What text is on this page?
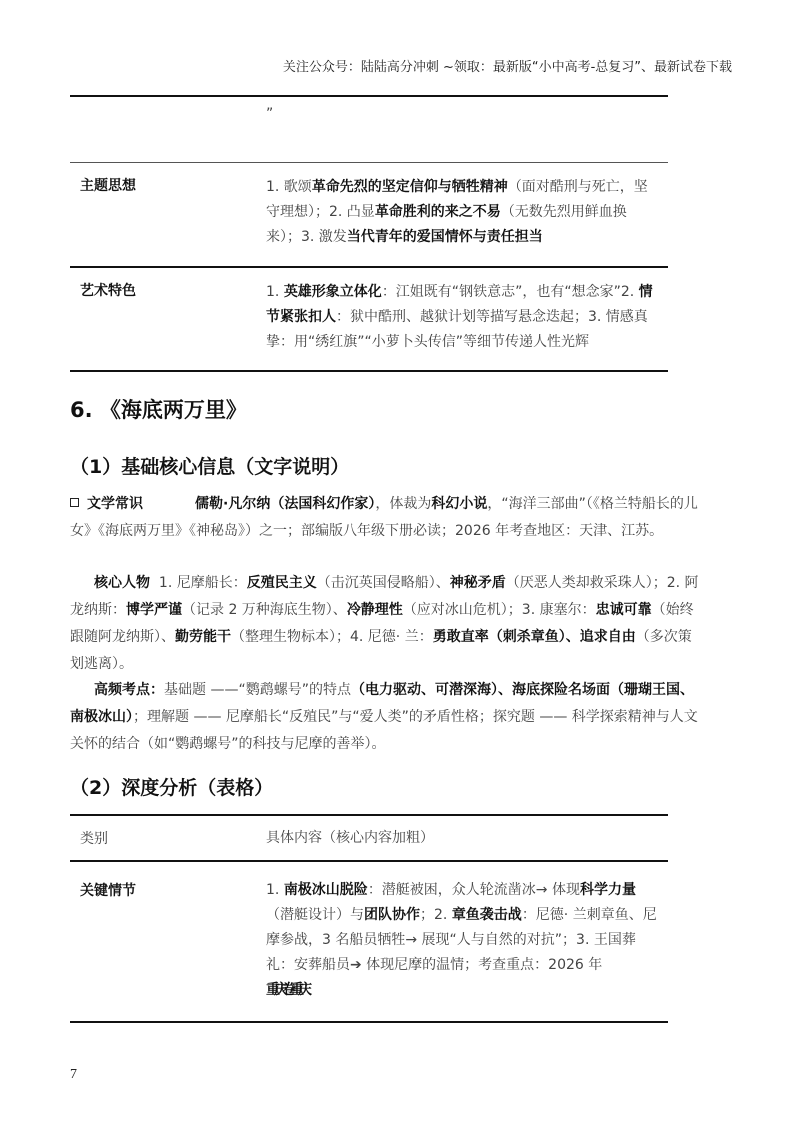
关注公众号：陆陆高分冲刺 ~领取：最新版“小中高考-总复习”、最新试卷下载
	”
主题思想	1. 歌颂革命先烈的坚定信仰与牺牲精神（面对酷刑与死亡，坚守理想）；2. 凸显革命胜利的来之不易（无数先烈用鲜血换来）；3. 激发当代青年的爱国情怀与责任担当
艺术特色	1. 英雄形象立体化：江姐既有“钢铁意志”，也有“想念家”2. 情节紧张扣人：狱中酷刑、越狱计划等描写悬念迭起；3. 情感真挚：用“绣红旗”“小萝卜头传信”等细节传递人性光辉
6. 《海底两万里》
（1）基础核心信息（文字说明）
文学常识	儒勒·凡尔纳（法国科幻作家），体裁为科幻小说，“海洋三部曲”（《格兰特船长的儿女》《海底两万里》《神秘岛》）之一；部编版八年级下册必读；2026 年考查地区：天津、江苏。
核心人物 1. 尼摩船长：反殖民主义（击沉英国侵略船）、神秘矛盾（厌恶人类却救采珠人）；2. 阿龙纳斯：博学严谨（记录 2 万种海底生物）、冷静理性（应对冰山危机）；3. 康塞尔：忠诚可靠（始终跟随阿龙纳斯）、勤劳能干（整理生物标本）；4. 尼德· 兰：勇敢直率（刺杀章鱼）、追求自由（多次策划逃离）。
高频考点：基础题 ——“鹦鹉螺号”的特点（电力驱动、可潜深海）、海底探险名场面（珊瑚王国、南极冰山）；理解题 —— 尼摩船长“反殖民”与“爱人类”的矛盾性格；探究题 —— 科学探索精神与人文关怀的结合（如“鹦鹉螺号”的科技与尼摩的善举）。
（2）深度分析（表格）
类别	具体内容（核心内容加粗）
关键情节	1. 南极冰山脱险：潜艇被困，众人轮流凿冰→ 体现科学力量（潜艇设计）与团队协作；2. 章鱼袭击战：尼德· 兰刺章鱼、尼摩参战，3 名船员牺牲→ 展现“人与自然的对抗”；3. 王国葬礼：安葬船员➔ 体现尼摩的温情；考查重点：2026 年
重庆卷重庆
7
